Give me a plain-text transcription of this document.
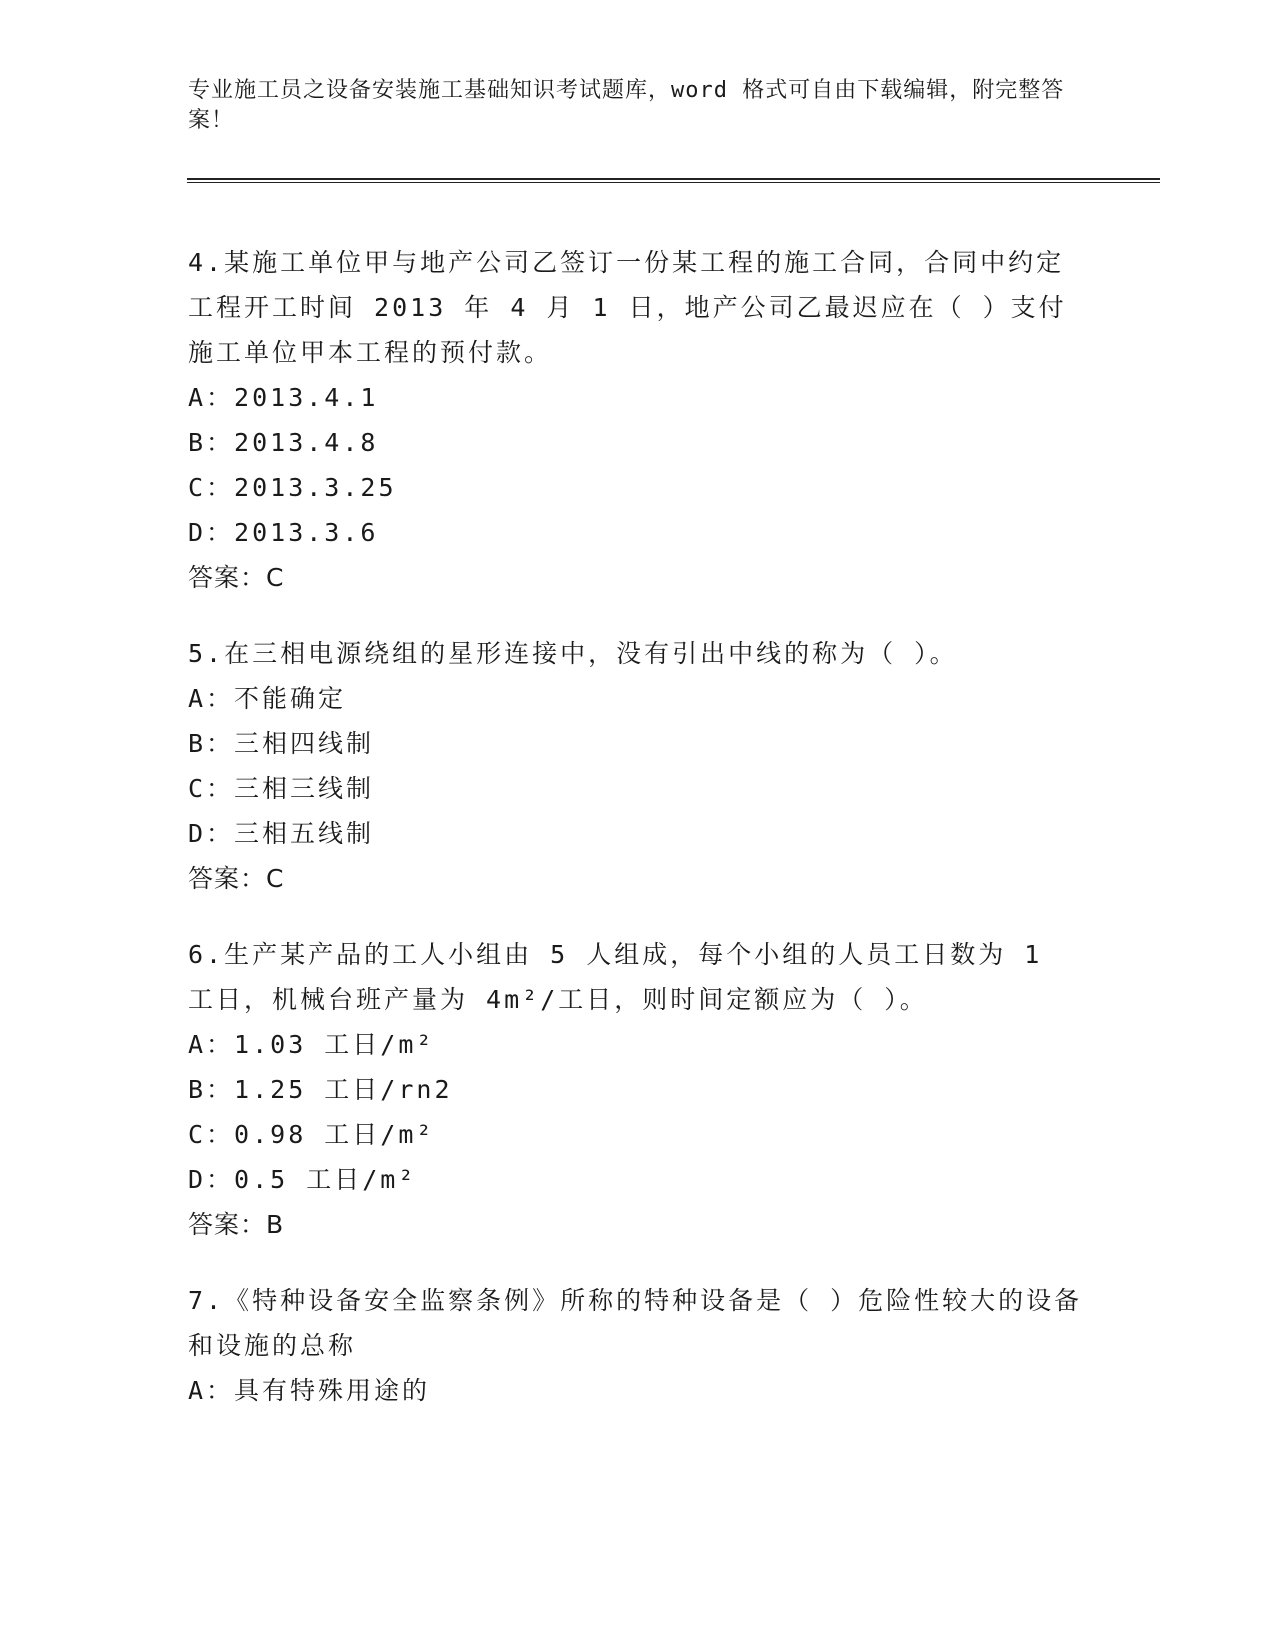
专业施工员之设备安装施工基础知识考试题库，word 格式可自由下载编辑，附完整答案！

4.某施工单位甲与地产公司乙签订一份某工程的施工合同，合同中约定工程开工时间 2013 年 4 月 1 日，地产公司乙最迟应在（ ）支付施工单位甲本工程的预付款。

A：2013.4.1

B：2013.4.8

C：2013.3.25

D：2013.3.6

答案：C

5.在三相电源绕组的星形连接中，没有引出中线的称为（ ）。

A：不能确定

B：三相四线制

C：三相三线制

D：三相五线制

答案：C

6.生产某产品的工人小组由 5 人组成，每个小组的人员工日数为 1 工日，机械台班产量为 4m²/工日，则时间定额应为（ ）。

A：1.03 工日/m²

B：1.25 工日/rn2

C：0.98 工日/m²

D：0.5 工日/m²

答案：B

7.《特种设备安全监察条例》所称的特种设备是（ ）危险性较大的设备和设施的总称

A：具有特殊用途的
